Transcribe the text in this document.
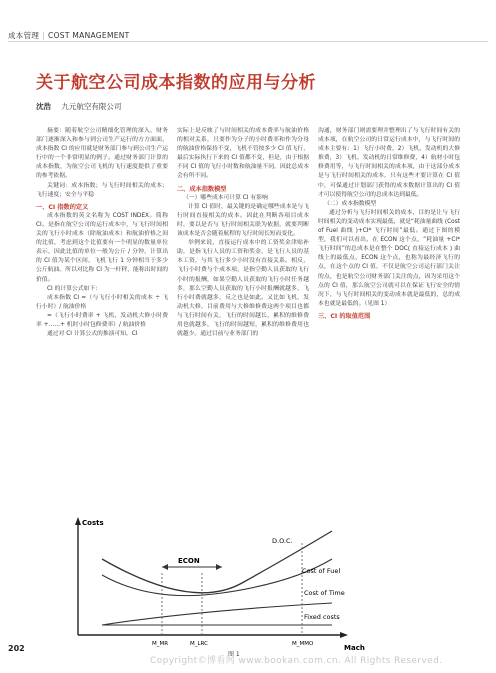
成本管理 | COST MANAGEMENT
关于航空公司成本指数的应用与分析
沈浩 九元航空有限公司

摘要：随着航空公司精细化管理的深入，财务部门逐渐深入和参与到公司生产运行的方方面面，成本指数 CI 的应用就是财务部门参与到公司生产运行中的一个非常明显的例子。通过财务部门计算的成本指数，为航空公司飞机的飞行速度提供了重要的参考依据。

关键词：成本指数；与飞行时间相关的成本；飞行速度；安全与平稳

一、CI 指数的定义

成本指数的英文名称为 COST INDEX。简称 CI。是指在航空公司的运行成本中，与飞行时间相关的飞行小时成本（除航油成本）和航油价格之间的比值，考虑到这个比值要有一个明显的数量单位表示，因此比值的单位一般为公斤 / 分钟，计算出的 CI 值为某个区间，飞机飞行 1 分钟相当于多少公斤航油。所以对比称 CI 为一杆秤，能称出时间的价值。

CI 的计算公式如下：

成本指数 CI =（与飞行小时相关的成本 ÷ 飞行小时）/ 航油价格

=（飞行小时费率 + 飞机、发动机大修小时费率 +……+ 机时小时包修费率）/ 航油价格

通过对 CI 计算公式的推演可知，CI

实际上是反映了与时间相关的成本费率与航油价格的相对关系，只要作为分子的小时费率和作为分母的航油价格保持不变，飞机不管按多少 CI 值飞行，最后实际执行下来的 CI 值都不变，但是，由于根据不同 CI 值的飞行小时数和航油量不同，因此总成本会有所不同。

二、成本指数模型

（一）哪些成本可计算 CI 有影响

计算 CI 值时，最关键的是确定哪些成本是与飞行时间直接相关的成本。因此在判断各项目成本时，要以是否与飞行时间相关联为依据，就要判断该成本是否会随着航程的飞行时间长短而变化。

举例来说，直接运行成本中的工资奖金津贴补助，是指飞行人员的工资和奖金，是飞行人员的基本工资，与其飞行多少小时没有直接关系。相反，飞行小时费与个成本项，是指空勤人员获取的飞行小时的报酬，如果空勤人员获取的飞行小时任务越多，那么空勤人员获取的飞行小时报酬就越多，飞行小时费就越多，反之也是如此。又比如飞机，发动机大修，目前费用与大修维修费这两个项目也都与飞行时间有关，飞行的时间越长，累积的维修费用也就越多，飞行的时间越短，累积的维修费用也就越少。通过目前与业务部门的

沟通，财务部门则需要理并整理出了与飞行时间有关的成本项，在航空公司的日常运行成本中，与飞行时间的成本主要有：1）飞行小时费，2）飞机、发动机的大修推费，3）飞机、发动机的日常维修费，4）航材小时包修费用等，与飞行时间相关的成本项，由于这部分成本是与飞行时间相关的成本，只有这些才要计算在 CI 值中，可保通过计划部门获得的成本数据计算出的 CI 值才可以使得航空公司的总成本达到最低。

（二）成本指数模型

通过分析与飞行时间相关的成本，目的是让与飞行时间相关的变动成本实现最低，就是“耗油量曲线 (Cost of Fuel 曲线 )+CI* 飞行时间”最低。通过下图的模型，我们可以看出，在 ECON 这个点，“耗油量 +CI* 飞行时间”的总成本是在整个 DOC( 直接运行成本 ) 曲线上的最低点，ECON 这个点，也称为最经济飞行的点，在这个点的 CI 值，不仅是航空公司运行部门关注的点，也是航空公司财务部门关注的点，因为采用这个点的 CI 值，那么航空公司就可以在保证飞行安全的情况下，与飞行时间相关的变动成本就是最低的，总的成本也就是最低的。（见图 1）

三、CI 的取值范围

Costs
Mach
D.O.C.
Cost of Fuel
Cost of Time
Fixed costs
ECON
M_MR	M_LRC	M_MMO
图 1
202
Copyright©博看网 www.bookan.com.cn. All Rights Reserved.
